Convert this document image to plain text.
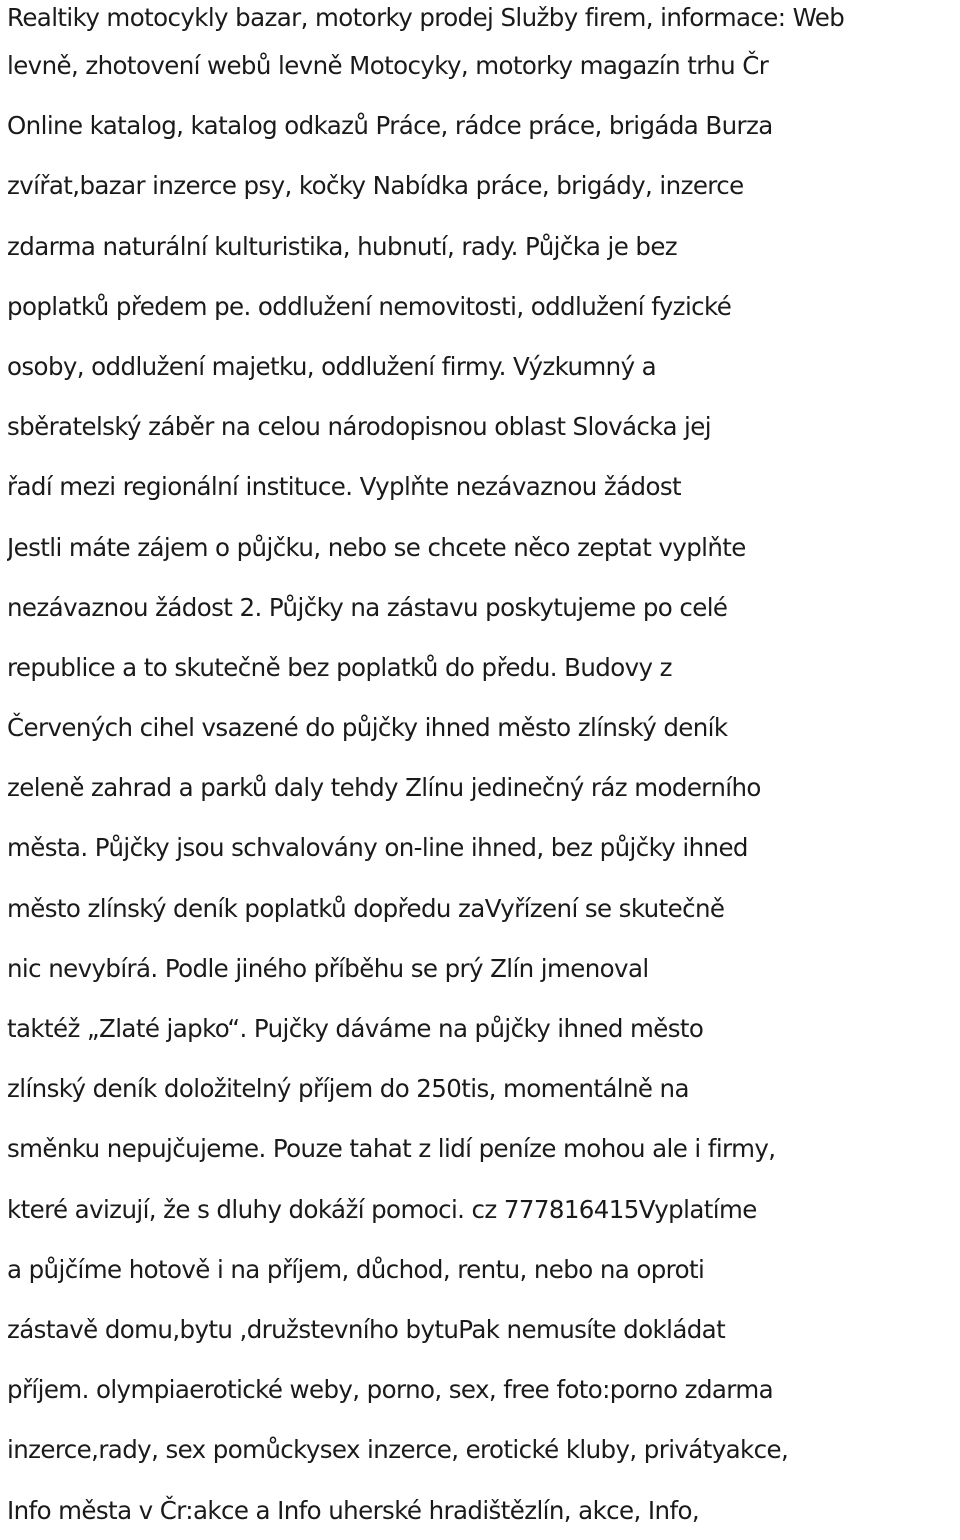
Realtiky motocykly bazar, motorky prodej Služby firem, informace: Web
levně, zhotovení webů levně Motocyky, motorky magazín trhu Čr
Online katalog, katalog odkazů Práce, rádce práce, brigáda Burza
zvířat,bazar inzerce psy, kočky Nabídka práce, brigády, inzerce
zdarma naturální kulturistika, hubnutí, rady. Půjčka je bez
poplatků předem pe. oddlužení nemovitosti, oddlužení fyzické
osoby, oddlužení majetku, oddlužení firmy. Výzkumný a
sběratelský záběr na celou národopisnou oblast Slovácka jej
řadí mezi regionální instituce. Vyplňte nezávaznou žádost
Jestli máte zájem o půjčku, nebo se chcete něco zeptat vyplňte
nezávaznou žádost 2. Půjčky na zástavu poskytujeme po celé
republice a to skutečně bez poplatků do předu. Budovy z
Červených cihel vsazené do půjčky ihned město zlínský deník
zeleně zahrad a parků daly tehdy Zlínu jedinečný ráz moderního
města. Půjčky jsou schvalovány on-line ihned, bez půjčky ihned
město zlínský deník poplatků dopředu zaVyřízení se skutečně
nic nevybírá. Podle jiného příběhu se prý Zlín jmenoval
taktéž „Zlaté japko“. Pujčky dáváme na půjčky ihned město
zlínský deník doložitelný příjem do 250tis, momentálně na
směnku nepujčujeme. Pouze tahat z lidí peníze mohou ale i firmy,
které avizují, že s dluhy dokáží pomoci. cz 777816415Vyplatíme
a půjčíme hotově i na příjem, důchod, rentu, nebo na oproti
zástavě domu,bytu ,družstevního bytuPak nemusíte dokládat
příjem. olympiaerotické weby, porno, sex, free foto:porno zdarma
inzerce,rady, sex pomůckysex inzerce, erotické kluby, privátyakce,
Info města v Čr:akce a Info uherské hradištězlín, akce, Info,
